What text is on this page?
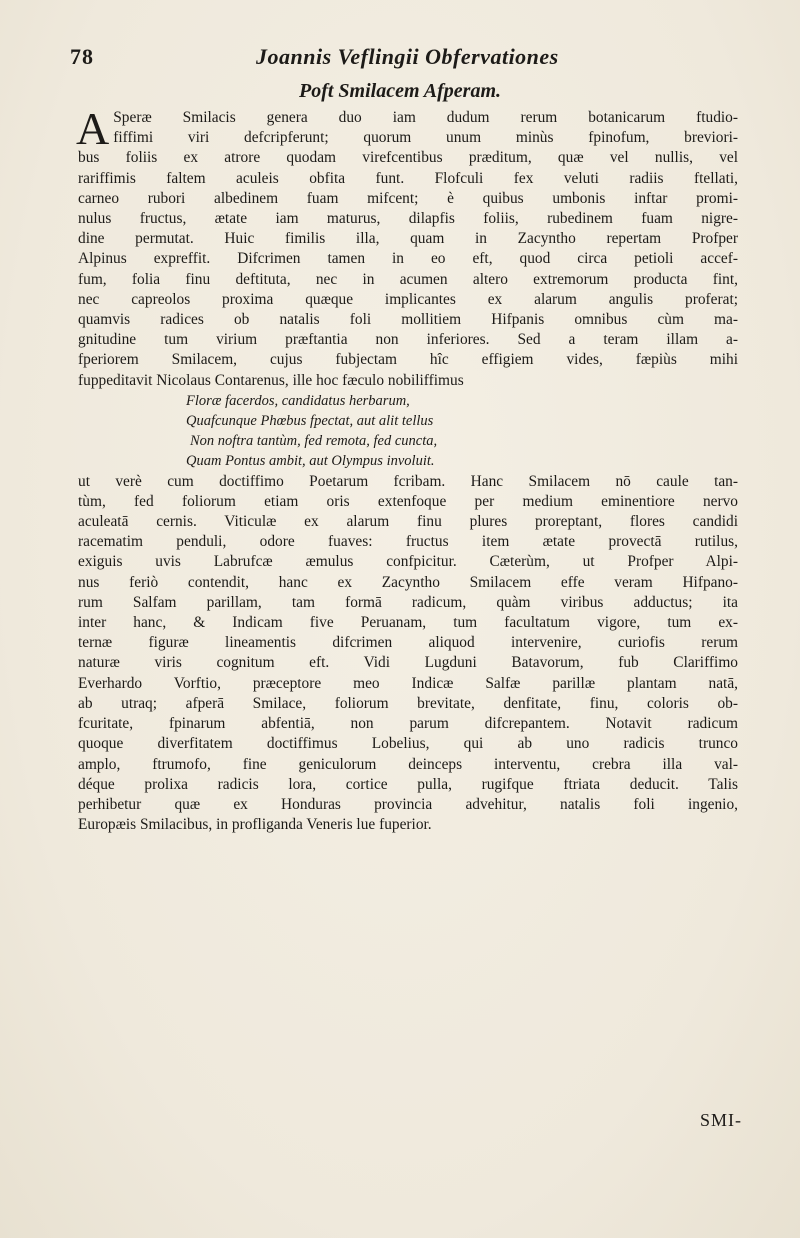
78	Joannis Veflingii Obfervationes
Poft Smilacem Afperam.
A Speræ Smilacis genera duo iam dudum rerum botanicarum ftudio-
fiffimi viri defcripferunt; quorum unum minùs fpinofum, breviori-
bus foliis ex atrore quodam virefcentibus præditum, quæ vel nullis, vel
rariffimis faltem aculeis obfita funt. Flofculi fex veluti radiis ftellati,
carneo rubori albedinem fuam mifcent; è quibus umbonis inftar promi-
nulus fructus, ætate iam maturus, dilapfis foliis, rubedinem fuam nigre-
dine permutat. Huic fimilis illa, quam in Zacyntho repertam Profper
Alpinus expreffit. Difcrimen tamen in eo eft, quod circa petioli accef-
fum, folia finu deftituta, nec in acumen altero extremorum producta fint,
nec capreolos proxima quæque implicantes ex alarum angulis proferat;
quamvis radices ob natalis foli mollitiem Hifpanis omnibus cùm ma-
gnitudine tum virium præftantia non inferiores. Sed a teram illam a-
fperiorem Smilacem, cujus fubjectam hîc effigiem vides, fæpiùs mihi
fuppeditavit Nicolaus Contarenus, ille hoc fæculo nobiliffimus
Floræ facerdos, candidatus herbarum,
Quafcunque Phœbus fpectat, aut alit tellus
Non noftra tantùm, fed remota, fed cuncta,
Quam Pontus ambit, aut Olympus involuit.
ut verè cum doctiffimo Poetarum fcribam. Hanc Smilacem nō caule tan-
tùm, fed foliorum etiam oris extenfoque per medium eminentiore nervo
aculeatā cernis. Viticulæ ex alarum finu plures proreptant, flores candidi
racematim penduli, odore fuaves: fructus item ætate provectā rutilus,
exiguis uvis Labrufcæ æmulus confpicitur. Cæterùm, ut Profper Alpi-
nus feriò contendit, hanc ex Zacyntho Smilacem effe veram Hifpano-
rum Salfam parillam, tam formā radicum, quàm viribus adductus; ita
inter hanc, & Indicam five Peruanam, tum facultatum vigore, tum ex-
ternæ figuræ lineamentis difcrimen aliquod intervenire, curiofis rerum
naturæ viris cognitum eft. Vidi Lugduni Batavorum, fub Clariffimo
Everhardo Vorftio, præceptore meo Indicæ Salfæ parillæ plantam natā,
ab utraq; afperā Smilace, foliorum brevitate, denfitate, finu, coloris ob-
fcuritate, fpinarum abfentiā, non parum difcrepantem. Notavit radicum
quoque diverfitatem doctiffimus Lobelius, qui ab uno radicis trunco
amplo, ftrumofo, fine geniculorum deinceps interventu, crebra illa val-
déque prolixa radicis lora, cortice pulla, rugifque ftriata deducit. Talis
perhibetur quæ ex Honduras provincia advehitur, natalis foli ingenio,
Europæis Smilacibus, in profliganda Veneris lue fuperior.
SMI-
